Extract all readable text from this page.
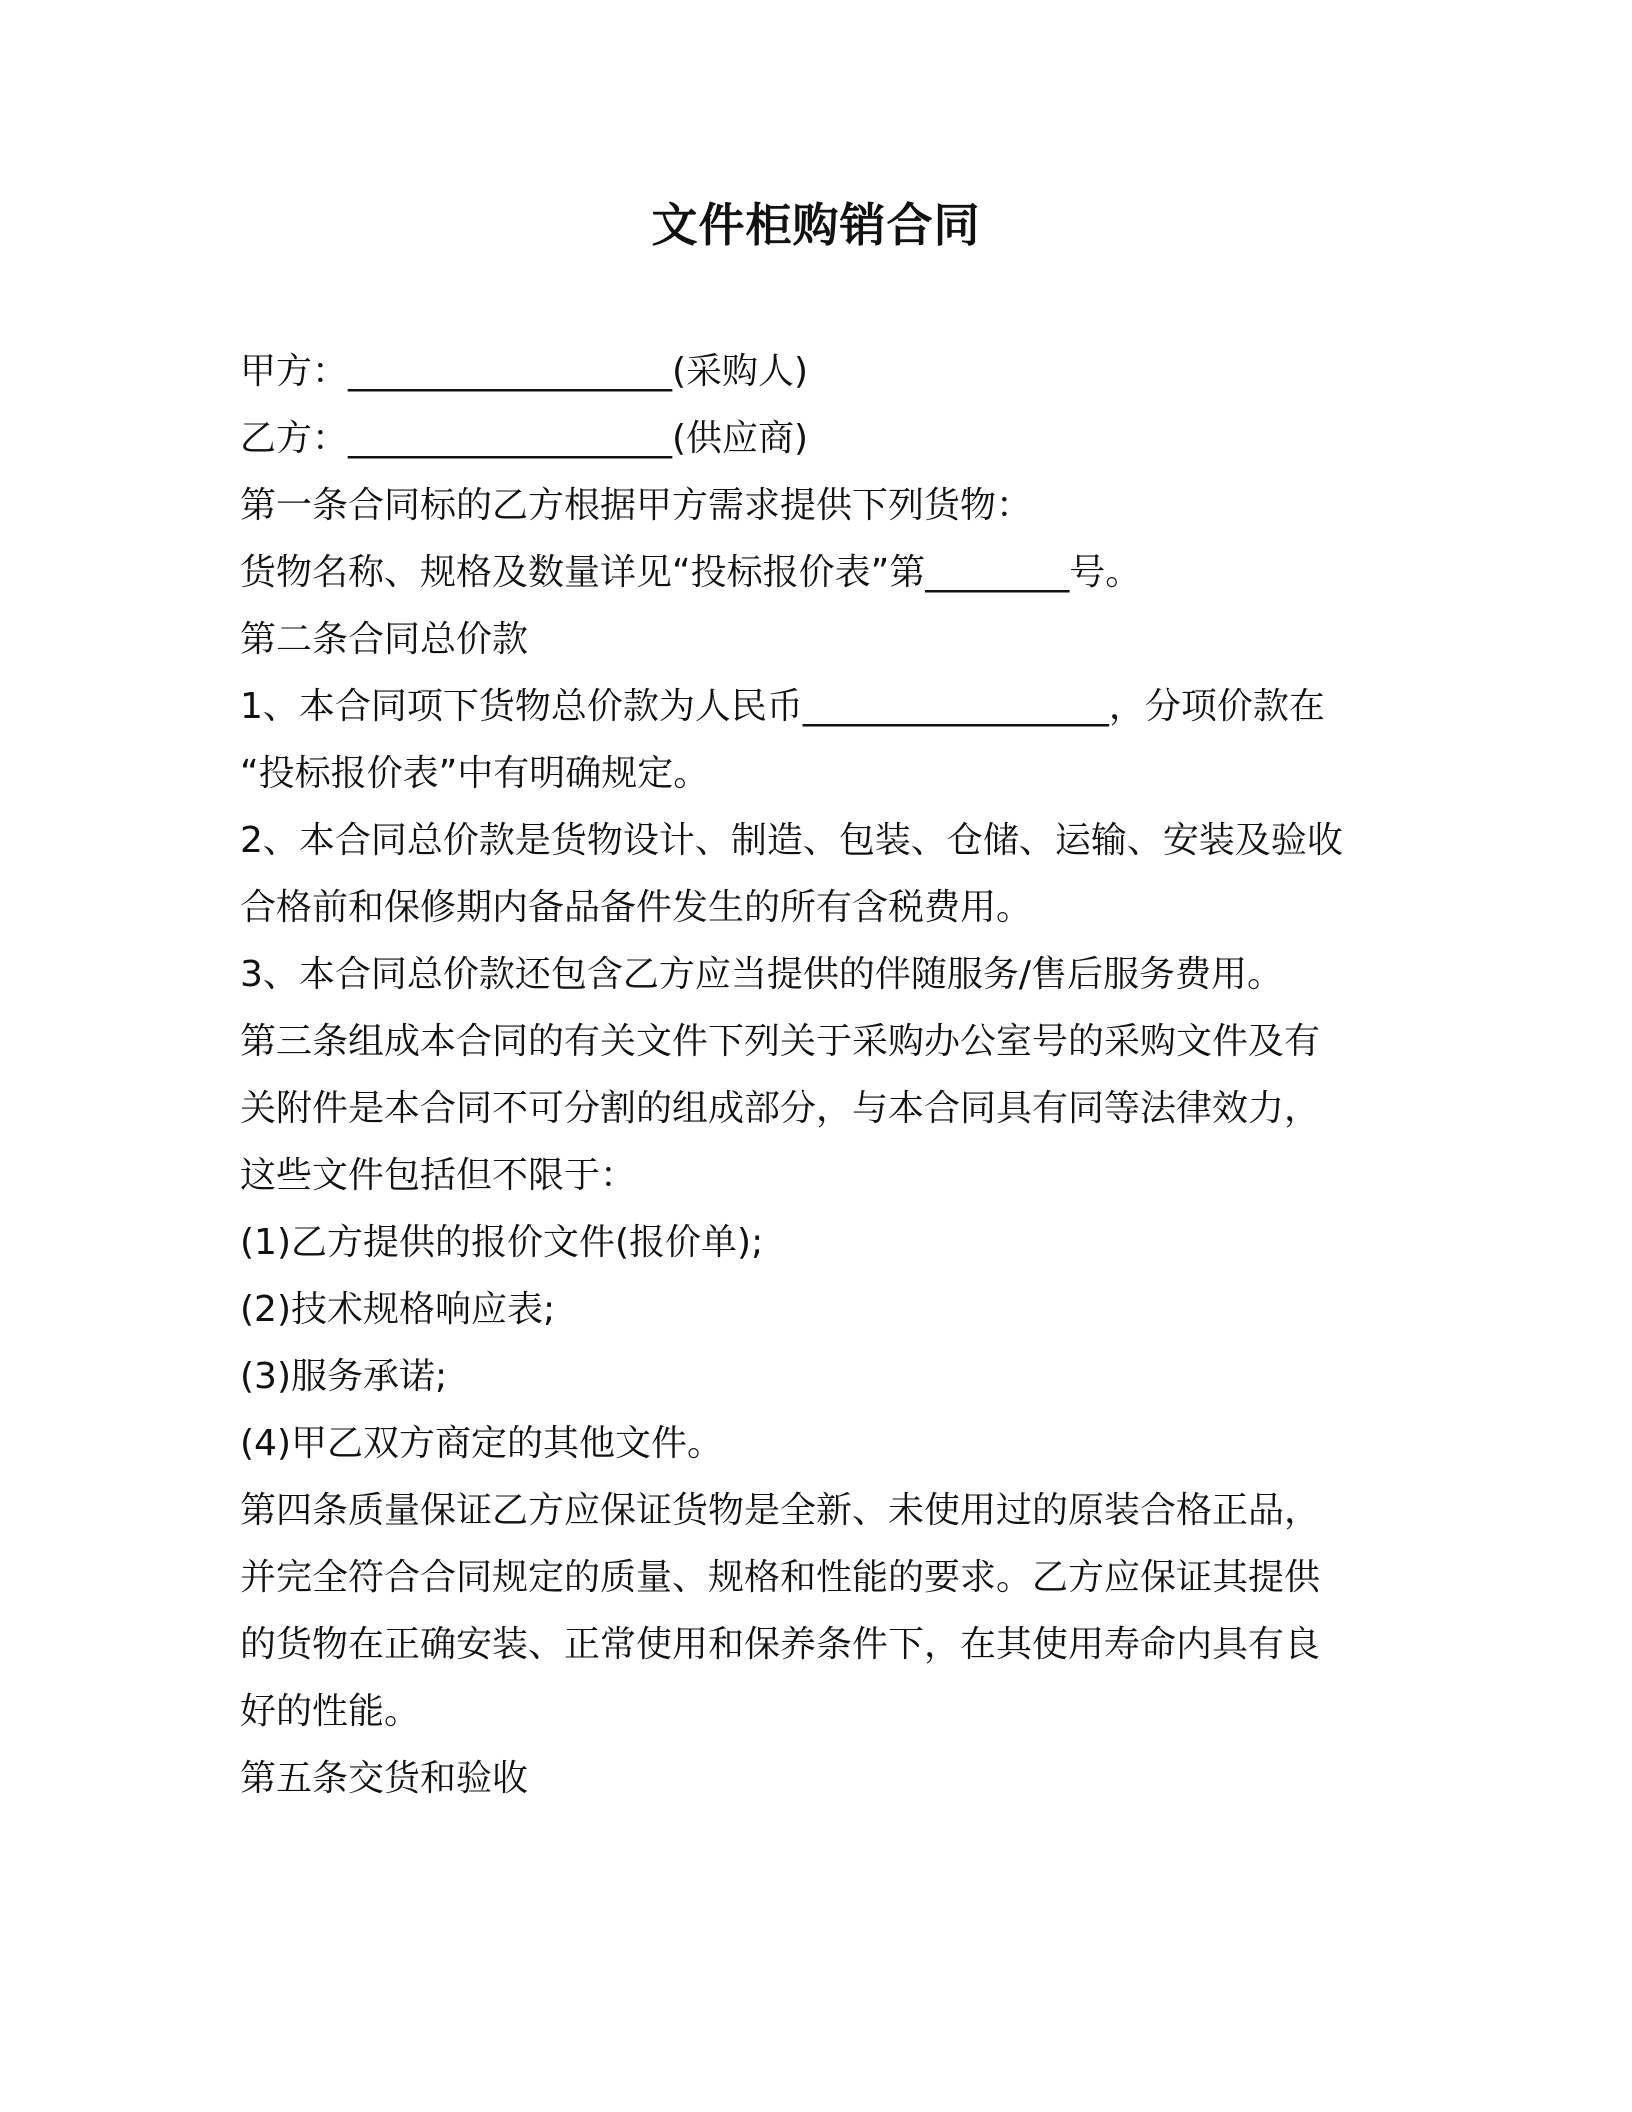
文件柜购销合同
甲方：__________________(采购人)
乙方：__________________(供应商)
第一条合同标的乙方根据甲方需求提供下列货物：
货物名称、规格及数量详见“投标报价表”第________号。
第二条合同总价款
1、本合同项下货物总价款为人民币_________________，分项价款在
“投标报价表”中有明确规定。
2、本合同总价款是货物设计、制造、包装、仓储、运输、安装及验收
合格前和保修期内备品备件发生的所有含税费用。
3、本合同总价款还包含乙方应当提供的伴随服务/售后服务费用。
第三条组成本合同的有关文件下列关于采购办公室号的采购文件及有
关附件是本合同不可分割的组成部分，与本合同具有同等法律效力，
这些文件包括但不限于：
(1)乙方提供的报价文件(报价单);
(2)技术规格响应表;
(3)服务承诺;
(4)甲乙双方商定的其他文件。
第四条质量保证乙方应保证货物是全新、未使用过的原装合格正品，
并完全符合合同规定的质量、规格和性能的要求。乙方应保证其提供
的货物在正确安装、正常使用和保养条件下，在其使用寿命内具有良
好的性能。
第五条交货和验收
